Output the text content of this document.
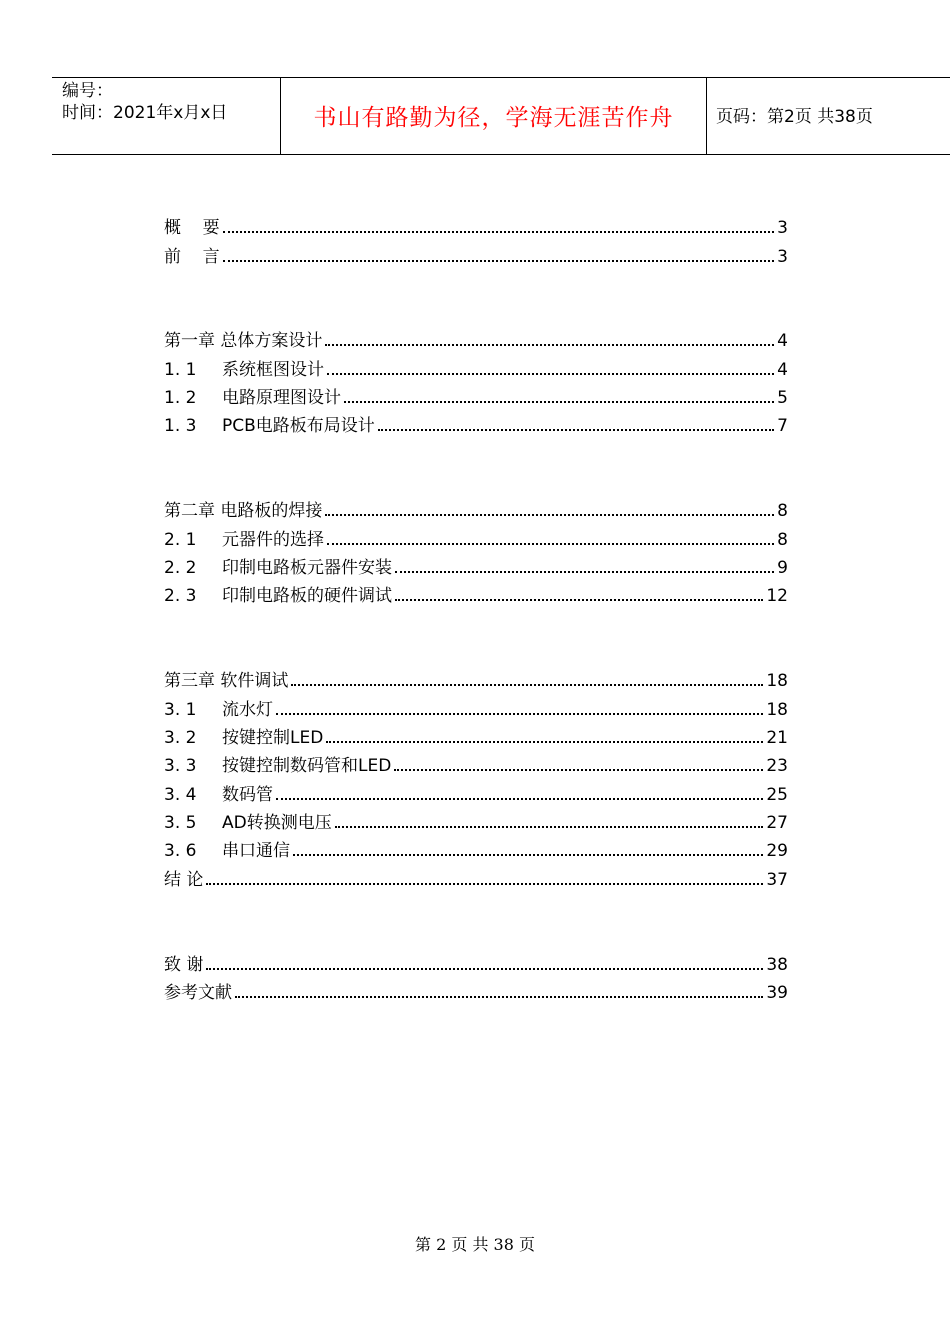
编号：
时间：2021年x月x日	书山有路勤为径，学海无涯苦作舟	页码：第2页 共38页
概    要	3
前    言	3
第一章 总体方案设计	4
1. 1	系统框图设计	4
1. 2	电路原理图设计	5
1. 3	PCB电路板布局设计	7
第二章 电路板的焊接	8
2. 1	元器件的选择	8
2. 2	印制电路板元器件安装	9
2. 3	印制电路板的硬件调试	12
第三章 软件调试	18
3. 1	流水灯	18
3. 2	按键控制LED	21
3. 3	按键控制数码管和LED	23
3. 4	数码管	25
3. 5	AD转换测电压	27
3. 6	串口通信	29
结 论	37
致 谢	38
参考文献	39
第 2 页 共 38 页
